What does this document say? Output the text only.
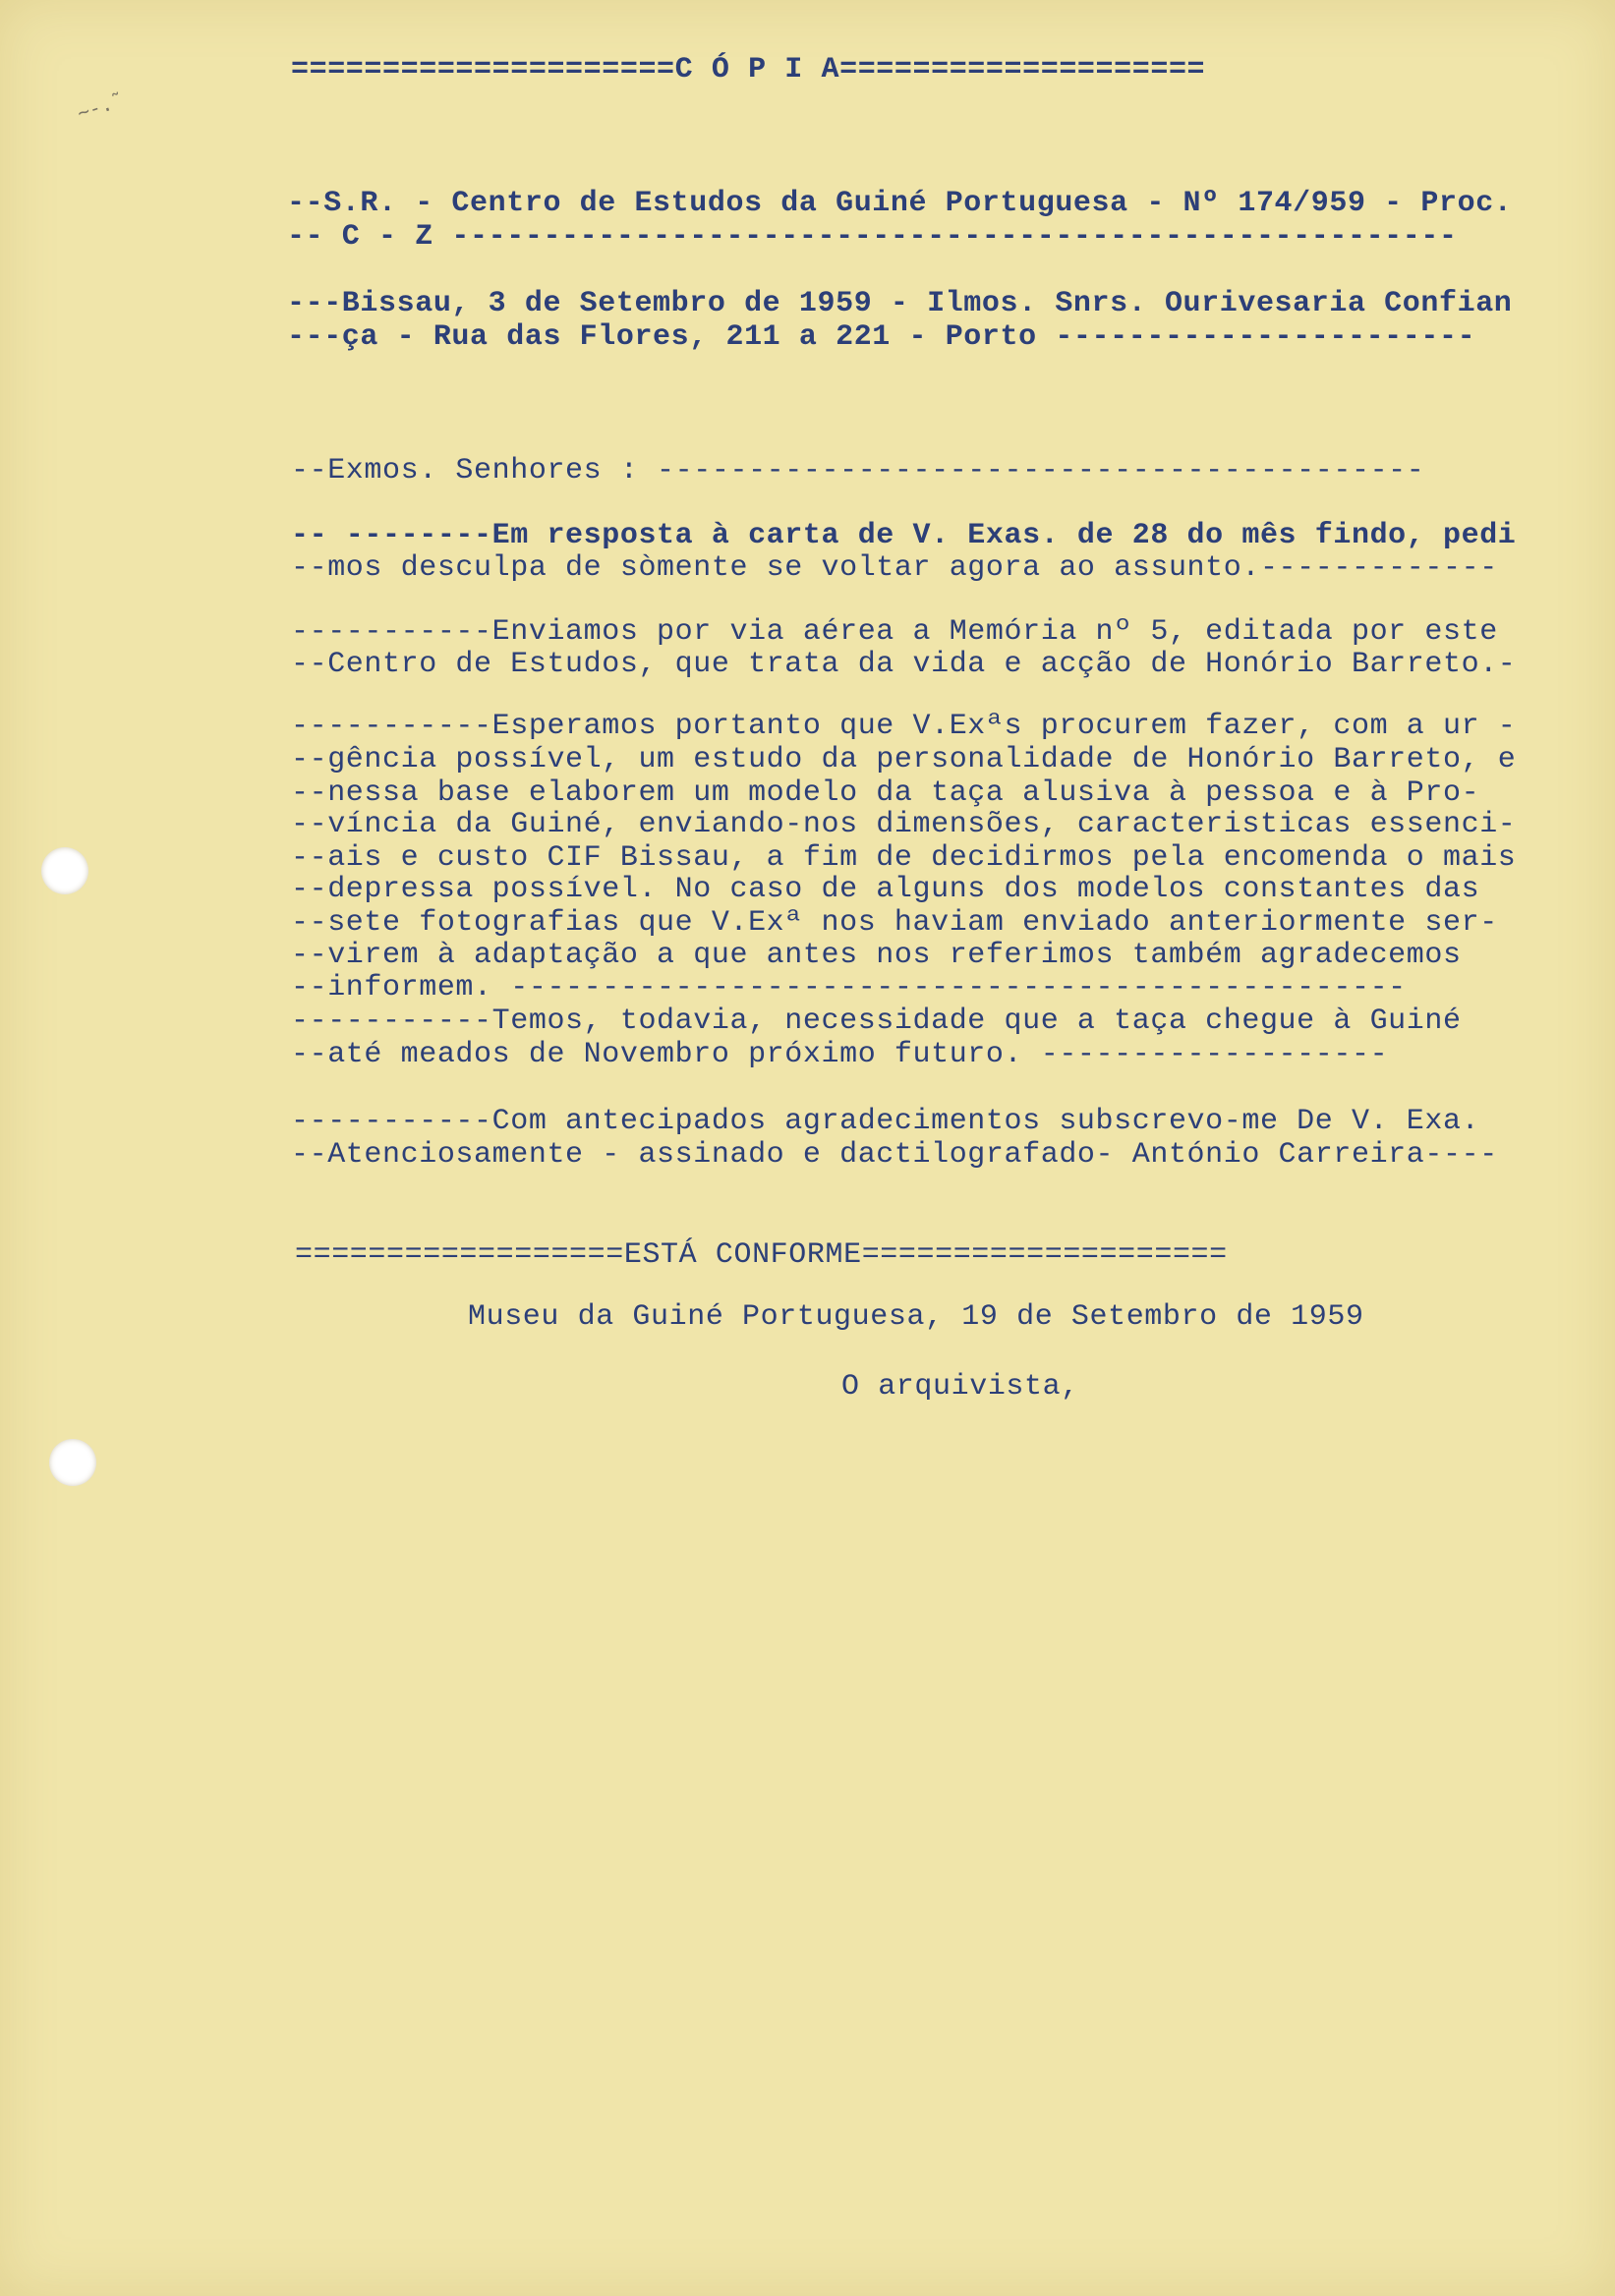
~-.˜
=====================C Ó P I A====================
--S.R. - Centro de Estudos da Guiné Portuguesa - Nº 174/959 - Proc.
-- C - Z -------------------------------------------------------
---Bissau, 3 de Setembro de 1959 - Ilmos. Snrs. Ourivesaria Confian
---ça - Rua das Flores, 211 a 221 - Porto -----------------------
--Exmos. Senhores : ------------------------------------------
-- --------Em resposta à carta de V. Exas. de 28 do mês findo, pedi
--mos desculpa de sòmente se voltar agora ao assunto.-------------
-----------Enviamos por via aérea a Memória nº 5, editada por este
--Centro de Estudos, que trata da vida e acção de Honório Barreto.-
-----------Esperamos portanto que V.Exªs procurem fazer, com a ur -
--gência possível, um estudo da personalidade de Honório Barreto, e
--nessa base elaborem um modelo da taça alusiva à pessoa e à Pro-
--víncia da Guiné, enviando-nos dimensões, caracteristicas essenci-
--ais e custo CIF Bissau, a fim de decidirmos pela encomenda o mais
--depressa possível. No caso de alguns dos modelos constantes das
--sete fotografias que V.Exª nos haviam enviado anteriormente ser-
--virem à adaptação a que antes nos referimos também agradecemos
--informem. -------------------------------------------------
-----------Temos, todavia, necessidade que a taça chegue à Guiné
--até meados de Novembro próximo futuro. -------------------
-----------Com antecipados agradecimentos subscrevo-me De V. Exa.
--Atenciosamente - assinado e dactilografado- António Carreira----
==================ESTÁ CONFORME====================
Museu da Guiné Portuguesa, 19 de Setembro de 1959
O arquivista,
